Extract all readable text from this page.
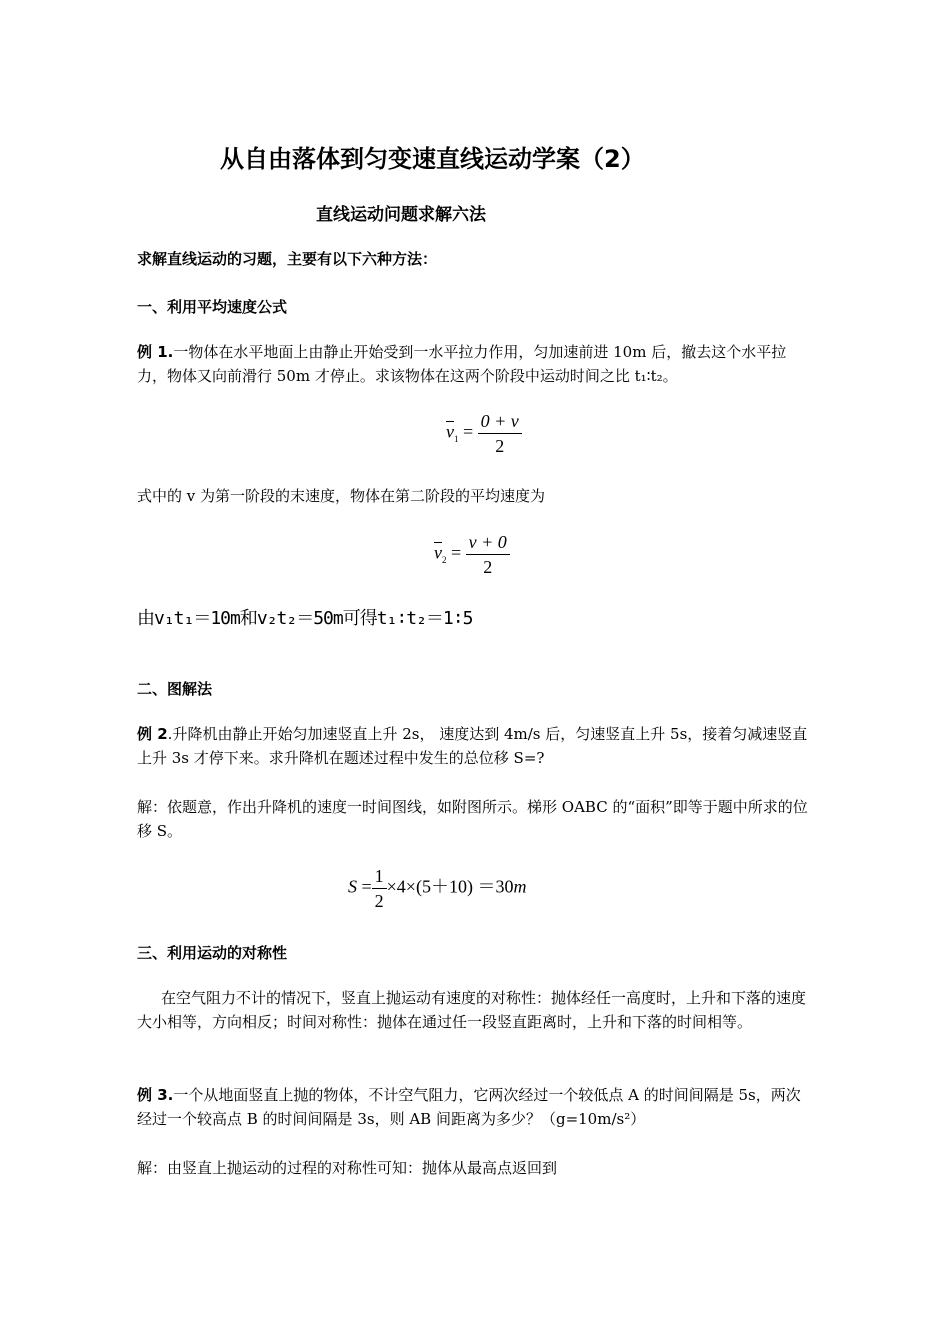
从自由落体到匀变速直线运动学案（2）
直线运动问题求解六法
求解直线运动的习题，主要有以下六种方法：
一、利用平均速度公式
例 1.一物体在水平地面上由静止开始受到一水平拉力作用，匀加速前进 10m 后，撤去这个水平拉力，物体又向前滑行 50m 才停止。求该物体在这两个阶段中运动时间之比 t₁∶t₂。
$\overline{v}_1 = \frac{0 + v}{2}$
式中的 v 为第一阶段的末速度，物体在第二阶段的平均速度为
$\overline{v}_2 = \frac{v + 0}{2}$
由v₁t₁＝10m和v₂t₂＝50m可得t₁∶t₂＝1∶5
二、图解法
例 2.升降机由静止开始匀加速竖直上升 2s， 速度达到 4m/s 后，匀速竖直上升 5s，接着匀减速竖直上升 3s 才停下来。求升降机在题述过程中发生的总位移 S=?
解：依题意，作出升降机的速度一时间图线，如附图所示。梯形 OABC 的“面积”即等于题中所求的位移 S。
$S = \frac{1}{2} \times 4\times(5+10) =30m$
三、利用运动的对称性
在空气阻力不计的情况下，竖直上抛运动有速度的对称性：抛体经任一高度时，上升和下落的速度大小相等，方向相反；时间对称性：抛体在通过任一段竖直距离时，上升和下落的时间相等。
例 3.一个从地面竖直上抛的物体，不计空气阻力，它两次经过一个较低点 A 的时间间隔是 5s，两次经过一个较高点 B 的时间间隔是 3s，则 AB 间距离为多少？（g=10m/s²）
解：由竖直上抛运动的过程的对称性可知：抛体从最高点返回到
